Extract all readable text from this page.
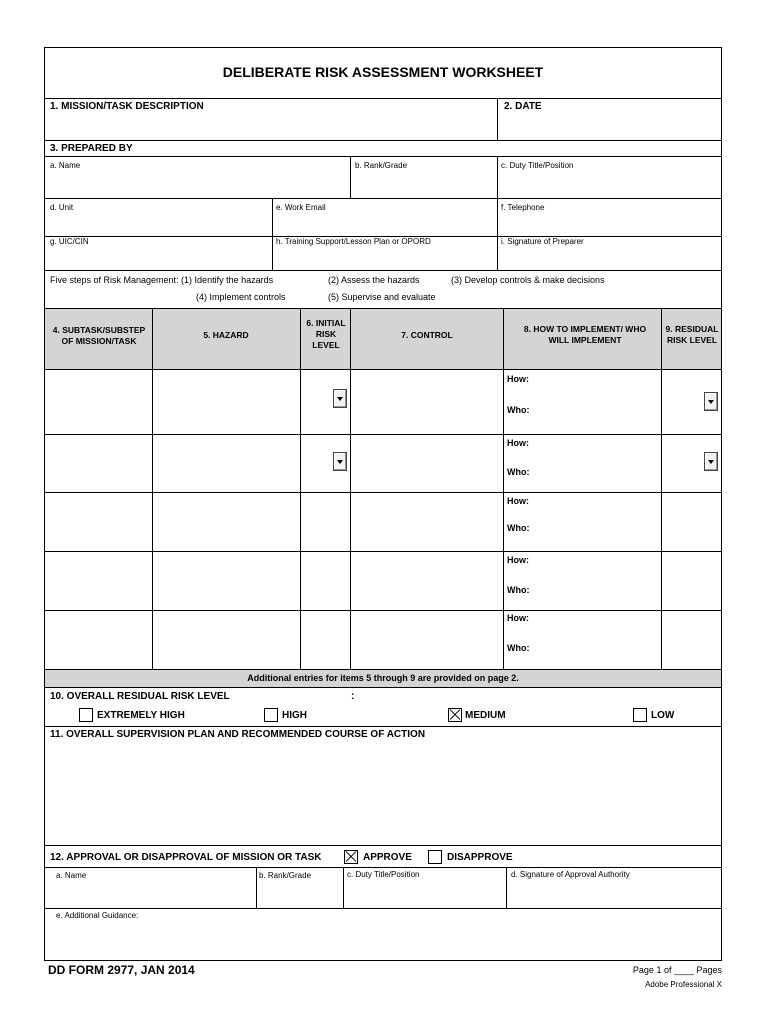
DELIBERATE RISK ASSESSMENT WORKSHEET
1. MISSION/TASK DESCRIPTION	2. DATE
3. PREPARED BY
a. Name	b. Rank/Grade	c. Duty Title/Position
d. Unit	e. Work Email	f. Telephone
g. UIC/CIN	h. Training Support/Lesson Plan or OPORD	i. Signature of Preparer
Five steps of Risk Management: (1) Identify the hazards	(2) Assess the hazards	(3) Develop controls & make decisions
(4) Implement controls	(5) Supervise and evaluate
4. SUBTASK/SUBSTEP OF MISSION/TASK
5. HAZARD
6. INITIAL RISK LEVEL
7. CONTROL
8. HOW TO IMPLEMENT/ WHO WILL IMPLEMENT
9. RESIDUAL RISK LEVEL
How:
Who:
How:
Who:
How:
Who:
How:
Who:
How:
Who:
Additional entries for items 5 through 9 are provided on page 2.
10. OVERALL RESIDUAL RISK LEVEL	:
EXTREMELY HIGH	HIGH	MEDIUM	LOW
11. OVERALL SUPERVISION PLAN AND RECOMMENDED COURSE OF ACTION
12. APPROVAL OR DISAPPROVAL OF MISSION OR TASK	APPROVE	DISAPPROVE
a. Name	b. Rank/Grade	c. Duty Title/Position	d. Signature of Approval Authority
e. Additional Guidance:
DD FORM 2977, JAN 2014	Page 1 of ____ Pages
Adobe Professional X
